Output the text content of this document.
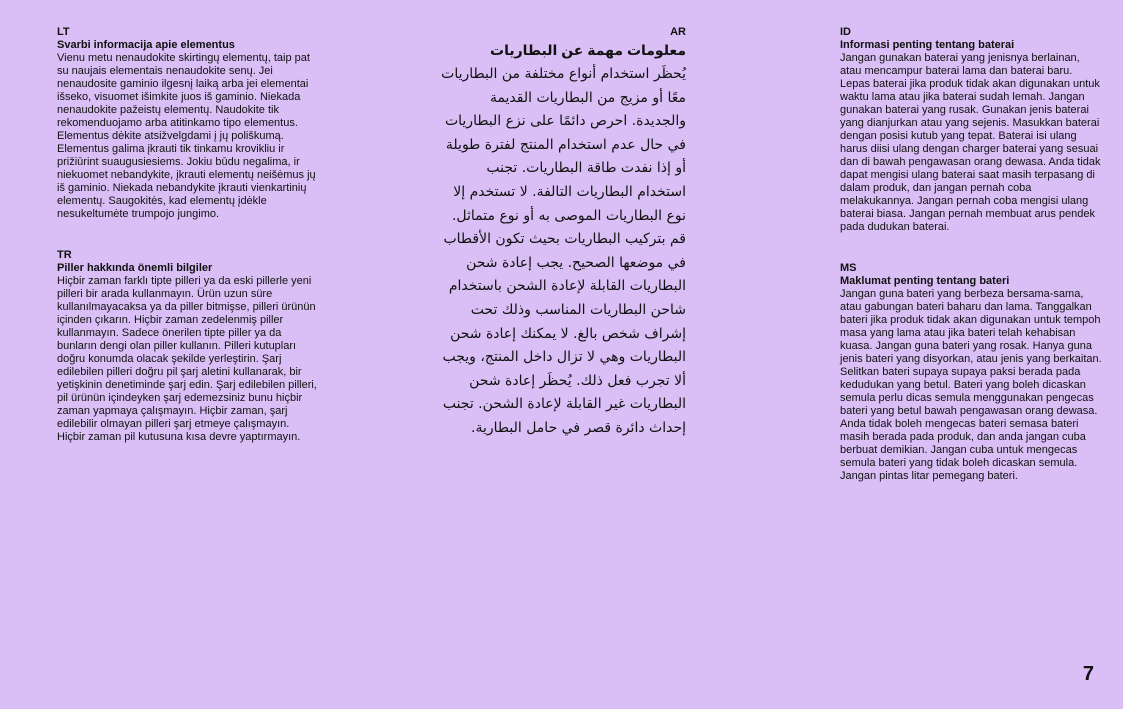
LT
Svarbi informacija apie elementus

Vienu metu nenaudokite skirtingų elementų, taip pat su naujais elementais nenaudokite senų. Jei nenaudosite gaminio ilgesnį laiką arba jei elementai išseko, visuomet išimkite juos iš gaminio. Niekada nenaudokite pažeistų elementų. Naudokite tik rekomenduojamo arba atitinkamo tipo elementus. Elementus dėkite atsižvelgdami į jų poliškumą. Elementus galima įkrauti tik tinkamu krovikliu ir prižiūrint suaugusiesiems. Jokiu būdu negalima, ir niekuomet nebandykite, įkrauti elementų neišėmus jų iš gaminio. Niekada nebandykite įkrauti vienkartinių elementų. Saugokitės, kad elementų įdėkle nesukeltumėte trumpojo jungimo.

TR
Piller hakkında önemli bilgiler

Hiçbir zaman farklı tipte pilleri ya da eski pillerle yeni pilleri bir arada kullanmayın. Ürün uzun süre kullanılmayacaksa ya da piller bitmişse, pilleri ürünün içinden çıkarın. Hiçbir zaman zedelenmiş piller kullanmayın. Sadece önerilen tipte piller ya da bunların dengi olan piller kullanın. Pilleri kutupları doğru konumda olacak şekilde yerleştirin. Şarj edilebilen pilleri doğru pil şarj aletini kullanarak, bir yetişkinin denetiminde şarj edin. Şarj edilebilen pilleri, pil ürünün içindeyken şarj edemezsiniz bunu hiçbir zaman yapmaya çalışmayın. Hiçbir zaman, şarj edilebilir olmayan pilleri şarj etmeye çalışmayın. Hiçbir zaman pil kutusuna kısa devre yaptırmayın.

AR
معلومات مهمة عن البطاريات

يُحظَر استخدام أنواع مختلفة من البطاريات معًا أو مزيج من البطاريات القديمة والجديدة. احرص دائمًا على نزع البطاريات في حال عدم استخدام المنتج لفترة طويلة أو إذا نفدت طاقة البطاريات. تجنب استخدام البطاريات التالفة. لا تستخدم إلا نوع البطاريات الموصى به أو نوع متماثل. قم بتركيب البطاريات بحيث تكون الأقطاب في موضعها الصحيح. يجب إعادة شحن البطاريات القابلة لإعادة الشحن باستخدام شاحن البطاريات المناسب وذلك تحت إشراف شخص بالغ. لا يمكنك إعادة شحن البطاريات وهي لا تزال داخل المنتج، ويجب ألا تجرب فعل ذلك. يُحظَر إعادة شحن البطاريات غير القابلة لإعادة الشحن. تجنب إحداث دائرة قصر في حامل البطارية.

ID
Informasi penting tentang baterai

Jangan gunakan baterai yang jenisnya berlainan, atau mencampur baterai lama dan baterai baru. Lepas baterai jika produk tidak akan digunakan untuk waktu lama atau jika baterai sudah lemah. Jangan gunakan baterai yang rusak. Gunakan jenis baterai yang dianjurkan atau yang sejenis. Masukkan baterai dengan posisi kutub yang tepat. Baterai isi ulang harus diisi ulang dengan charger baterai yang sesuai dan di bawah pengawasan orang dewasa. Anda tidak dapat mengisi ulang baterai saat masih terpasang di dalam produk, dan jangan pernah coba melakukannya. Jangan pernah coba mengisi ulang baterai biasa. Jangan pernah membuat arus pendek pada dudukan baterai.

MS
Maklumat penting tentang bateri

Jangan guna bateri yang berbeza bersama-sama, atau gabungan bateri baharu dan lama. Tanggalkan bateri jika produk tidak akan digunakan untuk tempoh masa yang lama atau jika bateri telah kehabisan kuasa. Jangan guna bateri yang rosak. Hanya guna jenis bateri yang disyorkan, atau jenis yang berkaitan. Selitkan bateri supaya supaya paksi berada pada kedudukan yang betul. Bateri yang boleh dicaskan semula perlu dicas semula menggunakan pengecas bateri yang betul bawah pengawasan orang dewasa. Anda tidak boleh mengecas bateri semasa bateri masih berada pada produk, dan anda jangan cuba berbuat demikian. Jangan cuba untuk mengecas semula bateri yang tidak boleh dicaskan semula. Jangan pintas litar pemegang bateri.

7
